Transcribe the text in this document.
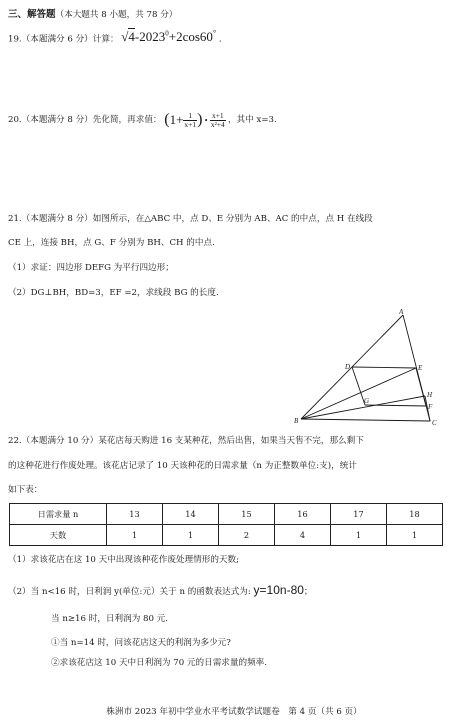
三、解答题（本大题共 8 小题，共 78 分）
19.（本题满分 6 分）计算： $√4-2023^0+2\cos 60^\circ$ ．
20.（本题满分 8 分）先化简，再求值： ($1+ \frac{1}{x+1}$ ) • $\frac{x+1}{\text{x²+4}}$ ，其中 x=3.
21.（本题满分 8 分）如图所示，在△ABC 中，点 D、E 分别为 AB、AC 的中点，点 H 在线段
CE 上，连接 BH，点 G、F 分别为 BH、CH 的中点.
（1）求证：四边形 DEFG 为平行四边形；
（2）DG⊥BH，BD=3，EF =2，求线段 BG 的长度.
A
B	C
D	E
F
G
H
22.（本题满分 10 分）某花店每天购进 16 支某种花，然后出售，如果当天售不完，那么剩下
的这种花进行作废处理。该花店记录了 10 天该种花的日需求量（n 为正整数单位:支)，统计
如下表：
日需求量 n	13	14	15	16	17	18
天数	1	1	2	4	1	1
（1）求该花店在这 10 天中出现该种花作废处理情形的天数;
（2）当 n<16 时，日利润 y(单位:元）关于 n 的函数表达式为: y=10n-80；
当 n≥16 时，日利润为 80 元.
①当 n=14 时，问该花店这天的利润为多少元?
②求该花店这 10 天中日利润为 70 元的日需求量的频率.
株洲市 2023 年初中学业水平考试数学试题卷　第 4 页（共 6 页）
